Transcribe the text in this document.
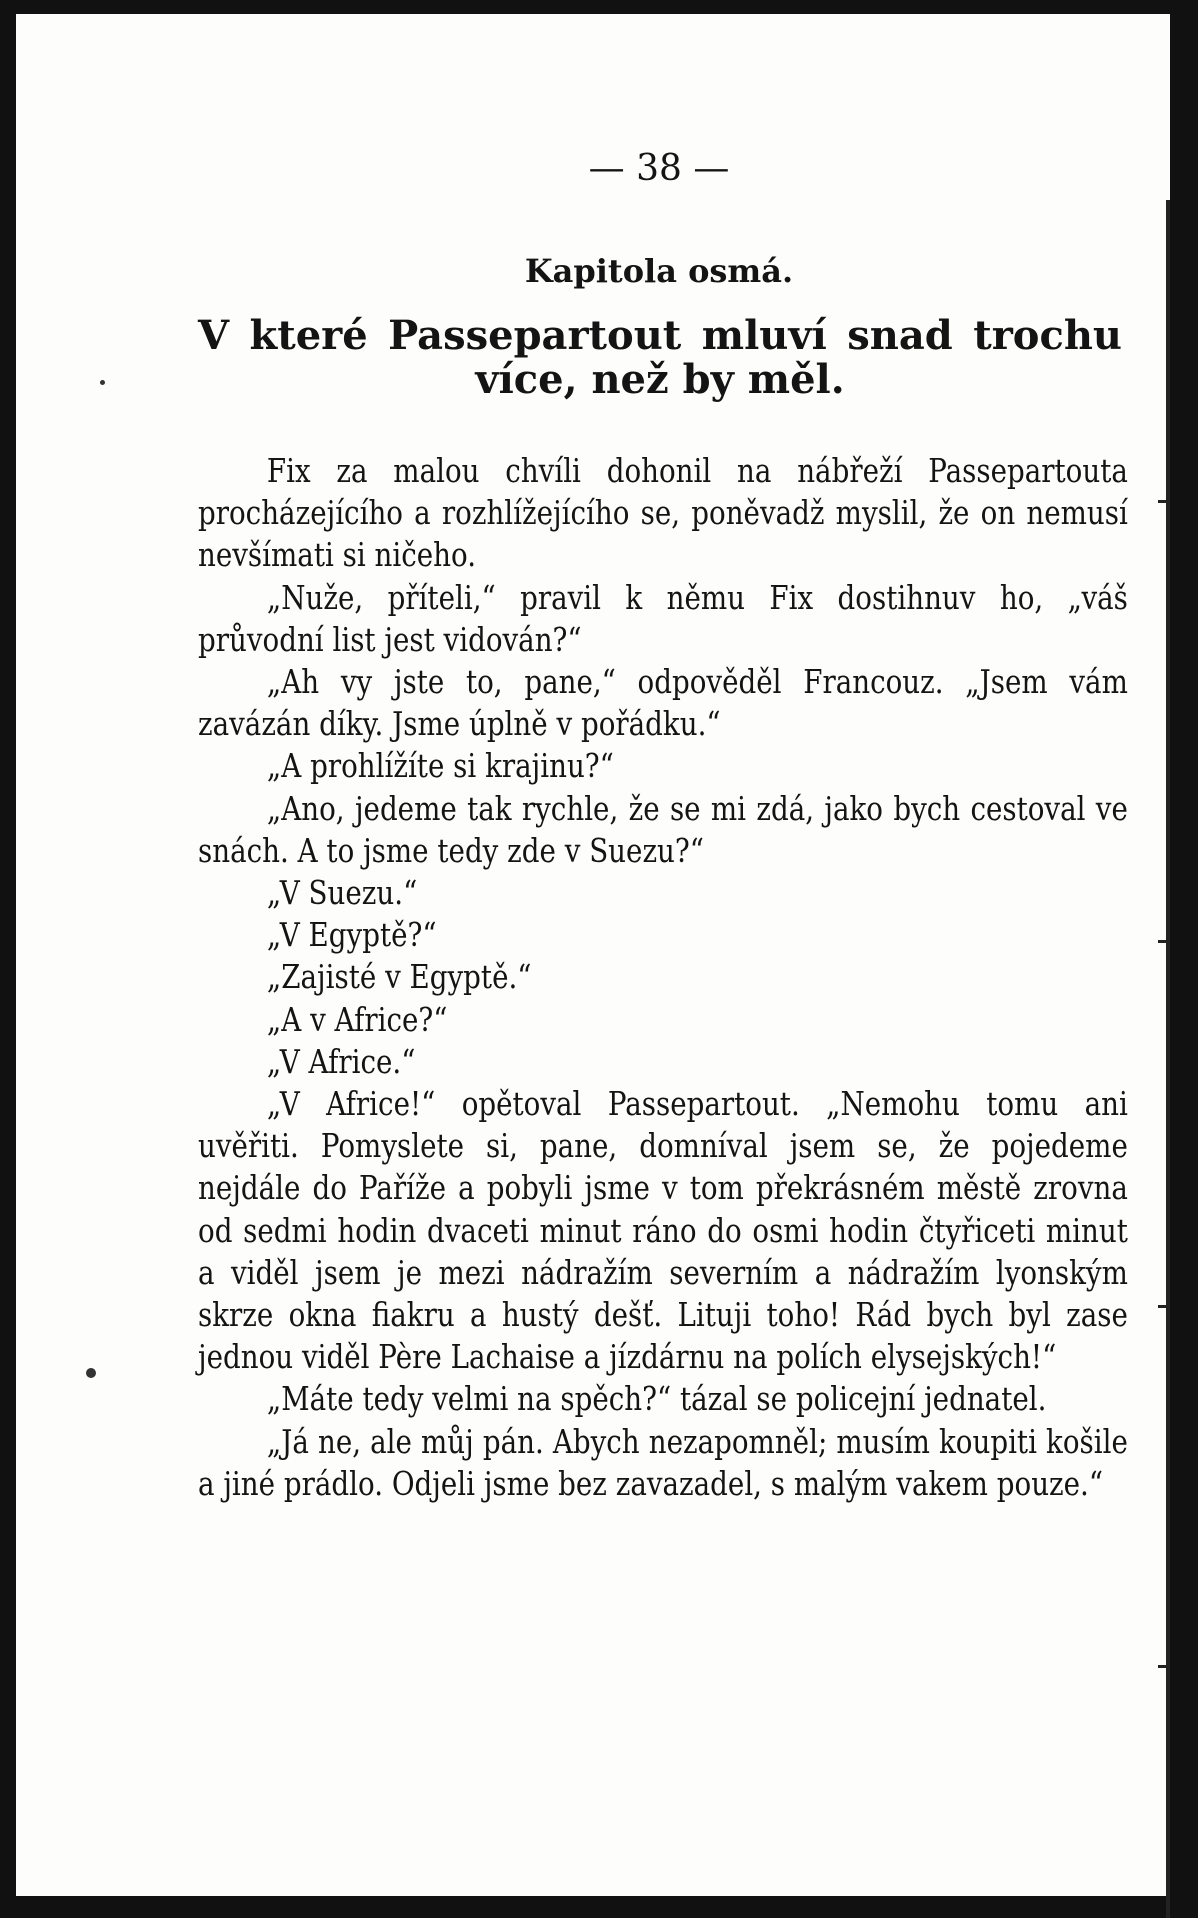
— 38 —
Kapitola osmá.
V které Passepartout mluví snad trochu
více, než by měl.

Fix za malou chvíli dohonil na nábřeží Passepartouta procházejícího a rozhlížejícího se, poněvadž myslil, že on nemusí nevšímati si ničeho.

„Nuže, příteli,“ pravil k němu Fix dostihnuv ho, „váš průvodní list jest vidován?“

„Ah vy jste to, pane,“ odpověděl Francouz. „Jsem vám zavázán díky. Jsme úplně v pořádku.“

„A prohlížíte si krajinu?“

„Ano, jedeme tak rychle, že se mi zdá, jako bych cestoval ve snách. A to jsme tedy zde v Suezu?“

„V Suezu.“

„V Egyptě?“

„Zajisté v Egyptě.“

„A v Africe?“

„V Africe.“

„V Africe!“ opětoval Passepartout. „Nemohu tomu ani uvěřiti. Pomyslete si, pane, domníval jsem se, že pojedeme nejdále do Paříže a pobyli jsme v tom překrásném městě zrovna od sedmi hodin dvaceti minut ráno do osmi hodin čtyřiceti minut a viděl jsem je mezi nádražím severním a nádražím lyonským skrze okna fiakru a hustý dešť. Lituji toho! Rád bych byl zase jednou viděl Père Lachaise a jízdárnu na polích elysejských!“

„Máte tedy velmi na spěch?“ tázal se policejní jednatel.

„Já ne, ale můj pán. Abych nezapomněl; musím koupiti košile a jiné prádlo. Odjeli jsme bez zavazadel, s malým vakem pouze.“
